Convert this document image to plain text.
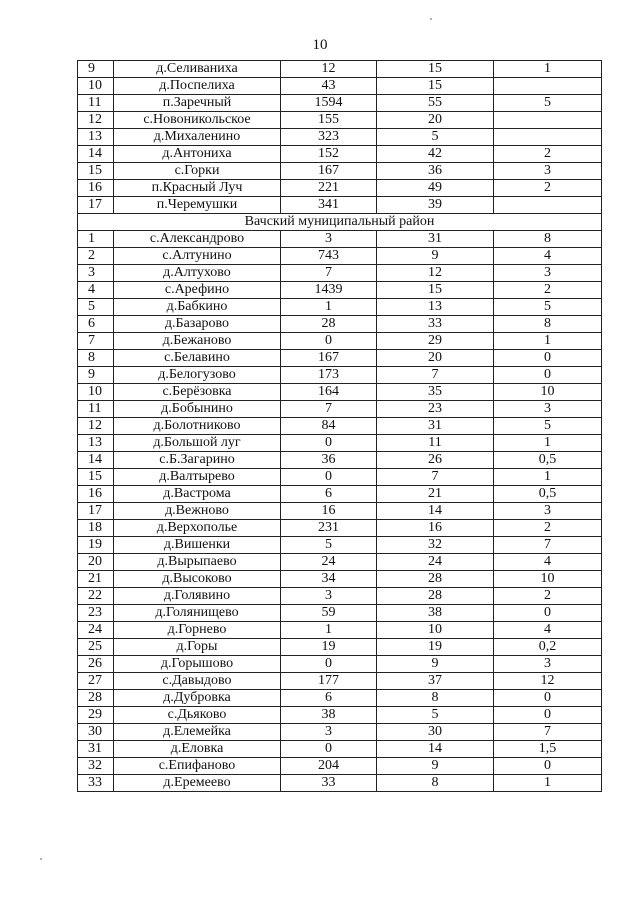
10
9	д.Селиваниха	12	15	1
10	д.Поспелиха	43	15	
11	п.Заречный	1594	55	5
12	с.Новоникольское	155	20	
13	д.Михаленино	323	5	
14	д.Антониха	152	42	2
15	с.Горки	167	36	3
16	п.Красный Луч	221	49	2
17	п.Черемушки	341	39	
Вачский муниципальный район				
1	с.Александрово	3	31	8
2	с.Алтунино	743	9	4
3	д.Алтухово	7	12	3
4	с.Арефино	1439	15	2
5	д.Бабкино	1	13	5
6	д.Базарово	28	33	8
7	д.Бежаново	0	29	1
8	с.Белавино	167	20	0
9	д.Белогузово	173	7	0
10	с.Берёзовка	164	35	10
11	д.Бобынино	7	23	3
12	д.Болотниково	84	31	5
13	д.Большой луг	0	11	1
14	с.Б.Загарино	36	26	0,5
15	д.Валтырево	0	7	1
16	д.Вастрома	6	21	0,5
17	д.Вежново	16	14	3
18	д.Верхополье	231	16	2
19	д.Вишенки	5	32	7
20	д.Вырыпаево	24	24	4
21	д.Высоково	34	28	10
22	д.Голявино	3	28	2
23	д.Голянищево	59	38	0
24	д.Горнево	1	10	4
25	д.Горы	19	19	0,2
26	д.Горышово	0	9	3
27	с.Давыдово	177	37	12
28	д.Дубровка	6	8	0
29	с.Дьяково	38	5	0
30	д.Елемейка	3	30	7
31	д.Еловка	0	14	1,5
32	с.Епифаново	204	9	0
33	д.Еремеево	33	8	1
